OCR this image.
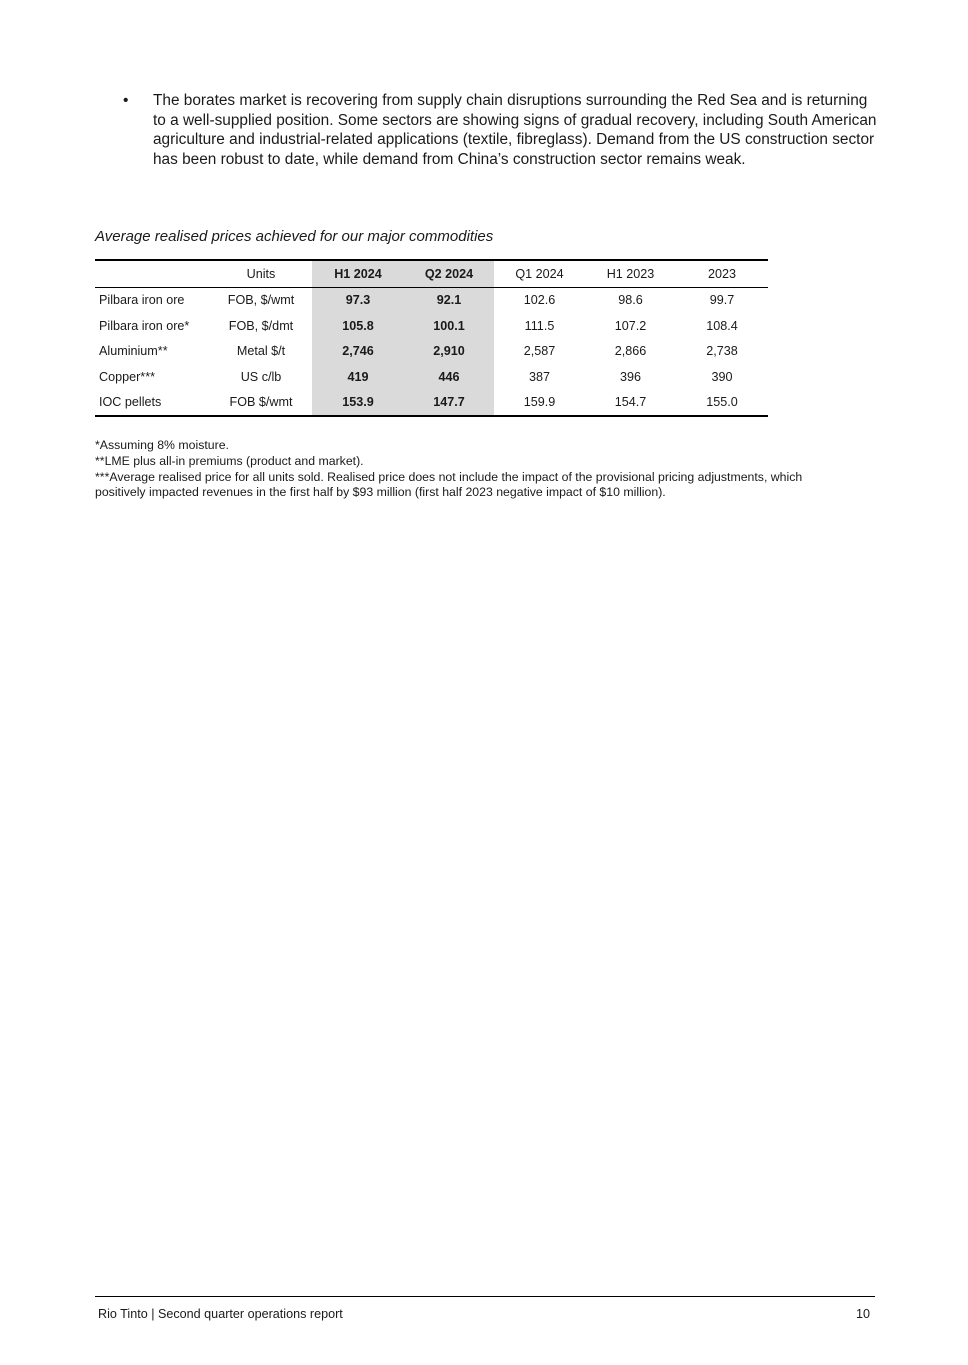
• The borates market is recovering from supply chain disruptions surrounding the Red Sea and is returning to a well-supplied position. Some sectors are showing signs of gradual recovery, including South American agriculture and industrial-related applications (textile, fibreglass). Demand from the US construction sector has been robust to date, while demand from China’s construction sector remains weak.
Average realised prices achieved for our major commodities
	Units	H1 2024	Q2 2024	Q1 2024	H1 2023	2023
Pilbara iron ore	FOB, $/wmt	97.3	92.1	102.6	98.6	99.7
Pilbara iron ore*	FOB, $/dmt	105.8	100.1	111.5	107.2	108.4
Aluminium**	Metal $/t	2,746	2,910	2,587	2,866	2,738
Copper***	US c/lb	419	446	387	396	390
IOC pellets	FOB $/wmt	153.9	147.7	159.9	154.7	155.0

*Assuming 8% moisture.

**LME plus all-in premiums (product and market).

***Average realised price for all units sold. Realised price does not include the impact of the provisional pricing adjustments, which positively impacted revenues in the first half by $93 million (first half 2023 negative impact of $10 million).

Rio Tinto | Second quarter operations report	10
